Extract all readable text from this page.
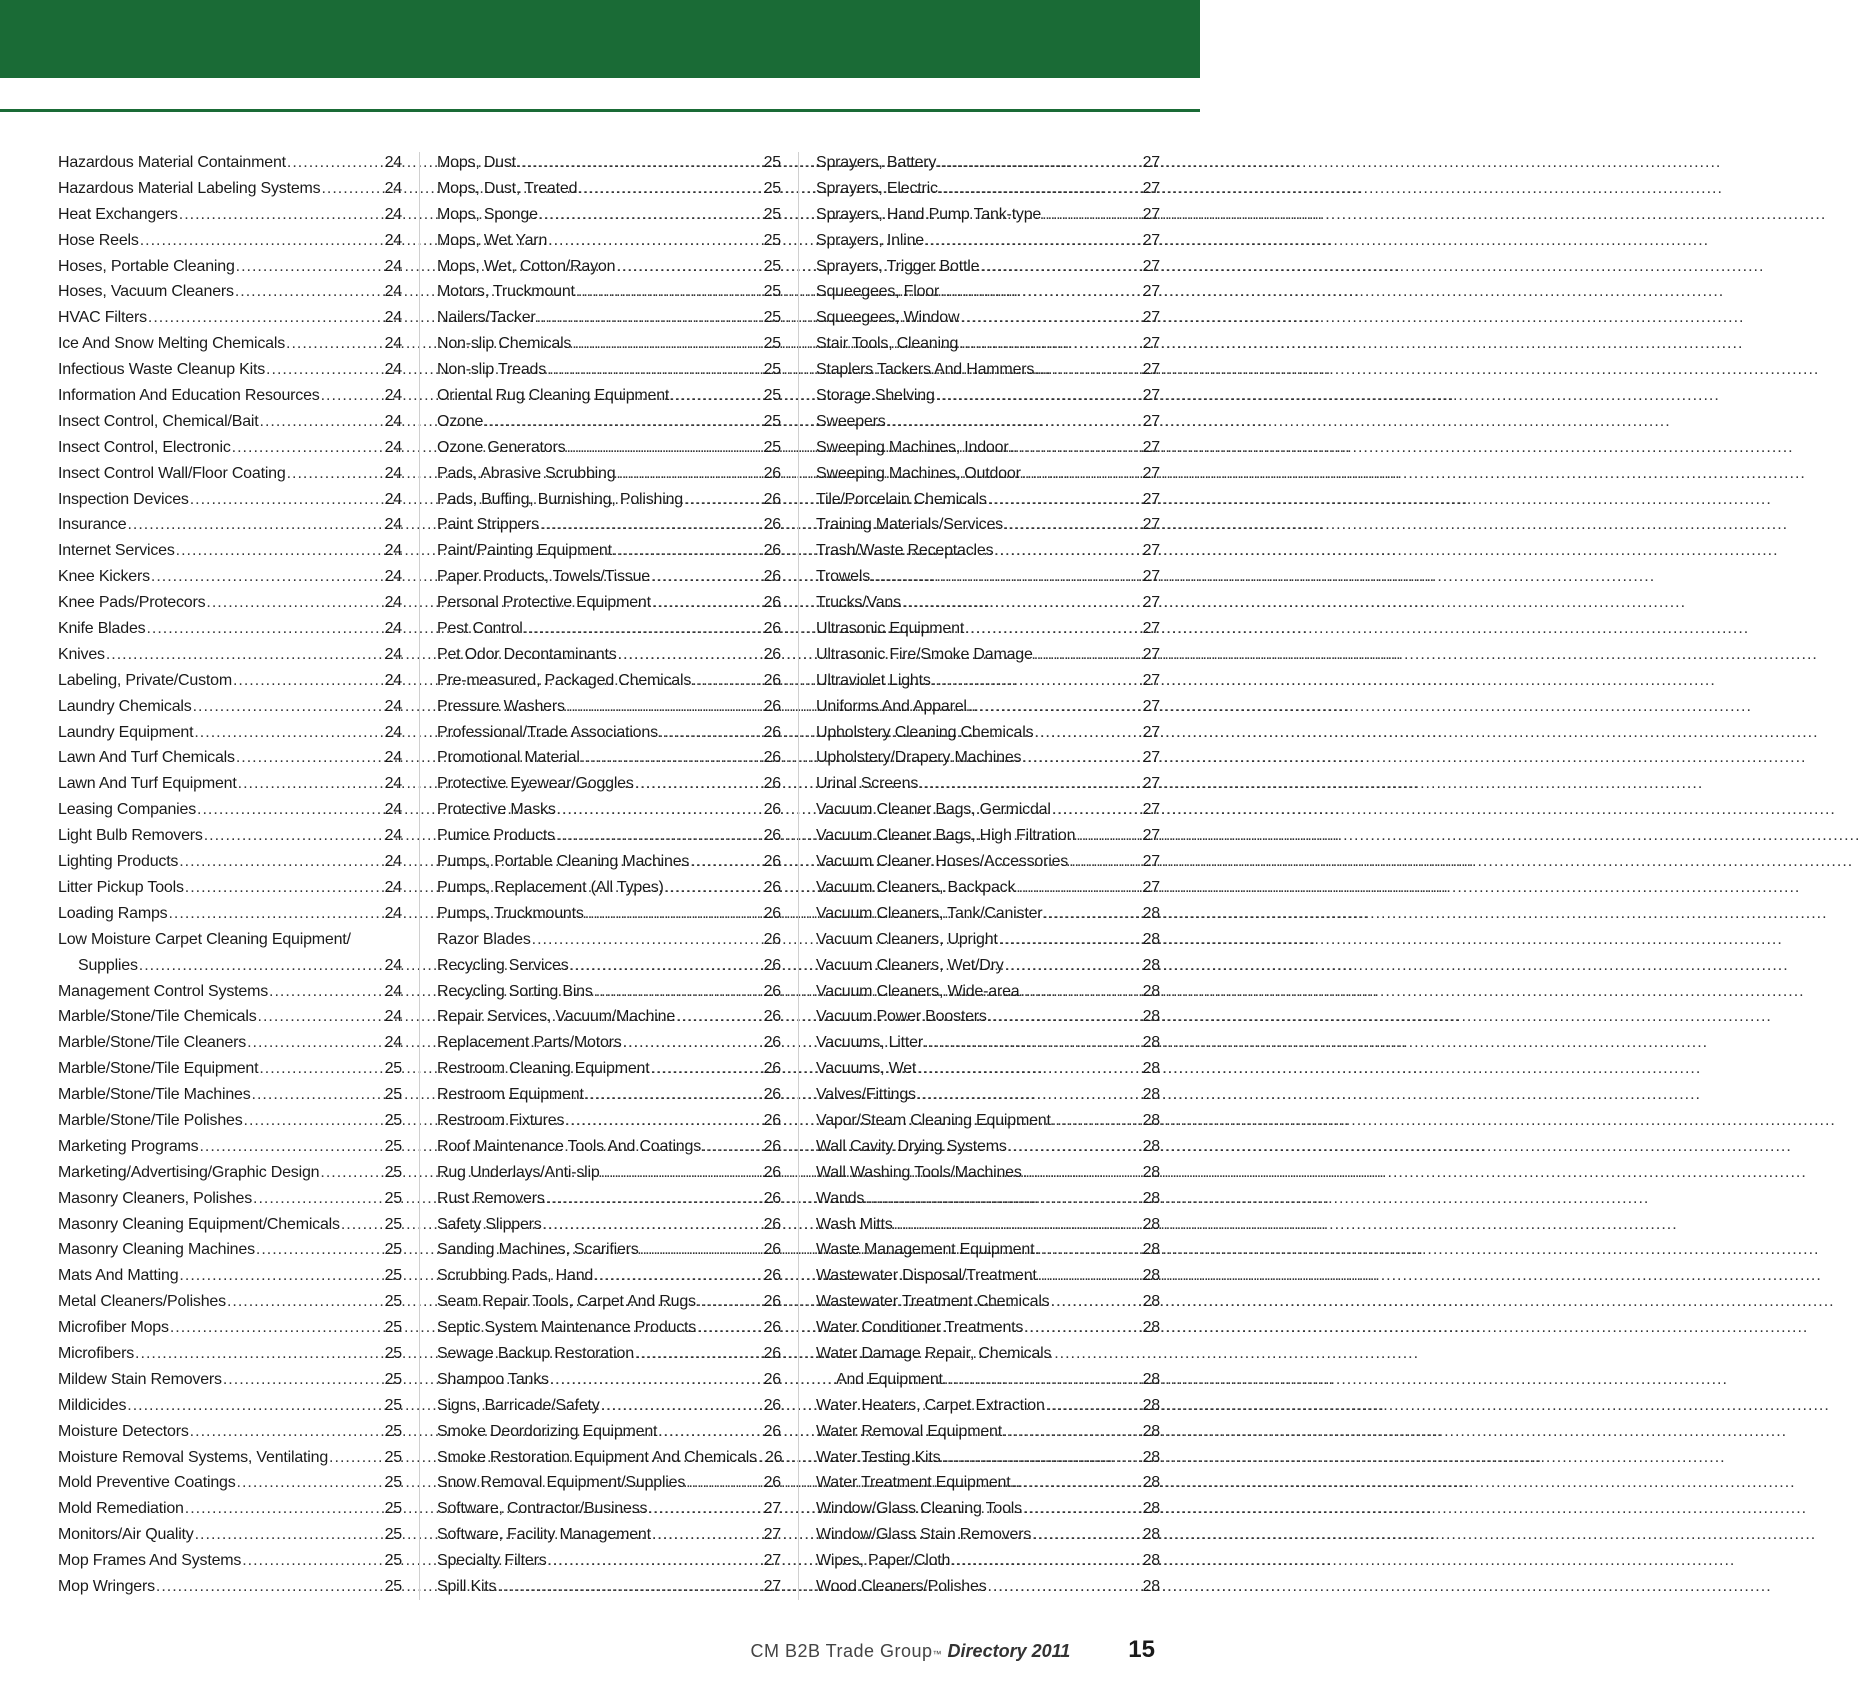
Hazardous Material Containment .....	24
Hazardous Material Labeling Systems .....	24
Heat Exchangers .....	24
Hose Reels .....	24
Hoses, Portable Cleaning .....	24
Hoses, Vacuum Cleaners .....	24
HVAC Filters .....	24
Ice And Snow Melting Chemicals .....	24
Infectious Waste Cleanup Kits .....	24
Information And Education Resources .....	24
Insect Control, Chemical/Bait .....	24
Insect Control, Electronic .....	24
Insect Control Wall/Floor Coating .....	24
Inspection Devices .....	24
Insurance .....	24
Internet Services .....	24
Knee Kickers .....	24
Knee Pads/Protecors .....	24
Knife Blades .....	24
Knives .....	24
Labeling, Private/Custom .....	24
Laundry Chemicals .....	24
Laundry Equipment .....	24
Lawn And Turf Chemicals .....	24
Lawn And Turf Equipment .....	24
Leasing Companies .....	24
Light Bulb Removers .....	24
Lighting Products .....	24
Litter Pickup Tools .....	24
Loading Ramps .....	24
Low Moisture Carpet Cleaning Equipment/
Supplies .....	24
Management Control Systems .....	24
Marble/Stone/Tile Chemicals .....	24
Marble/Stone/Tile Cleaners .....	24
Marble/Stone/Tile Equipment .....	25
Marble/Stone/Tile Machines .....	25
Marble/Stone/Tile Polishes .....	25
Marketing Programs .....	25
Marketing/Advertising/Graphic Design .....	25
Masonry Cleaners, Polishes .....	25
Masonry Cleaning Equipment/Chemicals .....	25
Masonry Cleaning Machines .....	25
Mats And Matting .....	25
Metal Cleaners/Polishes .....	25
Microfiber Mops .....	25
Microfibers .....	25
Mildew Stain Removers .....	25
Mildicides .....	25
Moisture Detectors .....	25
Moisture Removal Systems, Ventilating .....	25
Mold Preventive Coatings .....	25
Mold Remediation .....	25
Monitors/Air Quality .....	25
Mop Frames And Systems .....	25
Mop Wringers .....	25
Mops, Dust .....	25
Mops, Dust, Treated .....	25
Mops, Sponge .....	25
Mops, Wet Yarn .....	25
Mops, Wet, Cotton/Rayon .....	25
Motors, Truckmount .....	25
Nailers/Tacker .....	25
Non-slip Chemicals .....	25
Non-slip Treads .....	25
Oriental Rug Cleaning Equipment .....	25
Ozone .....	25
Ozone Generators .....	25
Pads, Abrasive Scrubbing .....	26
Pads, Buffing, Burnishing, Polishing .....	26
Paint Strippers .....	26
Paint/Painting Equipment .....	26
Paper Products, Towels/Tissue .....	26
Personal Protective Equipment .....	26
Pest Control .....	26
Pet Odor Decontaminants .....	26
Pre-measured, Packaged Chemicals .....	26
Pressure Washers .....	26
Professional/Trade Associations .....	26
Promotional Material .....	26
Protective Eyewear/Goggles .....	26
Protective Masks .....	26
Pumice Products .....	26
Pumps, Portable Cleaning Machines .....	26
Pumps, Replacement (All Types) .....	26
Pumps, Truckmounts .....	26
Razor Blades .....	26
Recycling Services .....	26
Recycling Sorting Bins .....	26
Repair Services, Vacuum/Machine .....	26
Replacement Parts/Motors .....	26
Restroom Cleaning Equipment .....	26
Restroom Equipment .....	26
Restroom Fixtures .....	26
Roof Maintenance Tools And Coatings .....	26
Rug Underlays/Anti-slip .....	26
Rust Removers .....	26
Safety Slippers .....	26
Sanding Machines, Scarifiers .....	26
Scrubbing Pads, Hand .....	26
Seam Repair Tools, Carpet And Rugs .....	26
Septic System Maintenance Products .....	26
Sewage Backup Restoration .....	26
Shampoo Tanks .....	26
Signs, Barricade/Safety .....	26
Smoke Deordorizing Equipment .....	26
Smoke Restoration Equipment And Chemicals ..... 26
Snow Removal Equipment/Supplies .....	26
Software, Contractor/Business .....	27
Software, Facility Management .....	27
Specialty Filters .....	27
Spill Kits .....	27
Sprayers, Battery .....	27
Sprayers, Electric .....	27
Sprayers, Hand Pump Tank-type .....	27
Sprayers, Inline .....	27
Sprayers, Trigger Bottle .....	27
Squeegees, Floor .....	27
Squeegees, Window .....	27
Stair Tools, Cleaning .....	27
Staplers Tackers And Hammers .....	27
Storage Shelving .....	27
Sweepers .....	27
Sweeping Machines, Indoor .....	27
Sweeping Machines, Outdoor .....	27
Tile/Porcelain Chemicals .....	27
Training Materials/Services .....	27
Trash/Waste Receptacles .....	27
Trowels .....	27
Trucks/Vans .....	27
Ultrasonic Equipment .....	27
Ultrasonic Fire/Smoke Damage .....	27
Ultraviolet Lights .....	27
Uniforms And Apparel .....	27
Upholstery Cleaning Chemicals .....	27
Upholstery/Drapery Machines .....	27
Urinal Screens .....	27
Vacuum Cleaner Bags, Germicdal .....	27
Vacuum Cleaner Bags, High Filtration .....	27
Vacuum Cleaner Hoses/Accessories .....	27
Vacuum Cleaners, Backpack .....	27
Vacuum Cleaners, Tank/Canister .....	28
Vacuum Cleaners, Upright .....	28
Vacuum Cleaners, Wet/Dry .....	28
Vacuum Cleaners, Wide-area .....	28
Vacuum Power Boosters .....	28
Vacuums, Litter .....	28
Vacuums, Wet .....	28
Valves/Fittings .....	28
Vapor/Steam Cleaning Equipment .....	28
Wall Cavity Drying Systems .....	28
Wall Washing Tools/Machines .....	28
Wands .....	28
Wash Mitts .....	28
Waste Management Equipment .....	28
Wastewater Disposal/Treatment .....	28
Wastewater Treatment Chemicals .....	28
Water Conditioner Treatments .....	28
Water Damage Repair, Chemicals
And Equipment .....	28
Water Heaters, Carpet Extraction .....	28
Water Removal Equipment .....	28
Water Testing Kits .....	28
Water Treatment Equipment .....	28
Window/Glass Cleaning Tools .....	28
Window/Glass Stain Removers .....	28
Wipes, Paper/Cloth .....	28
Wood Cleaners/Polishes .....	28
CM B2B Trade Group ™ Directory 2011 15
